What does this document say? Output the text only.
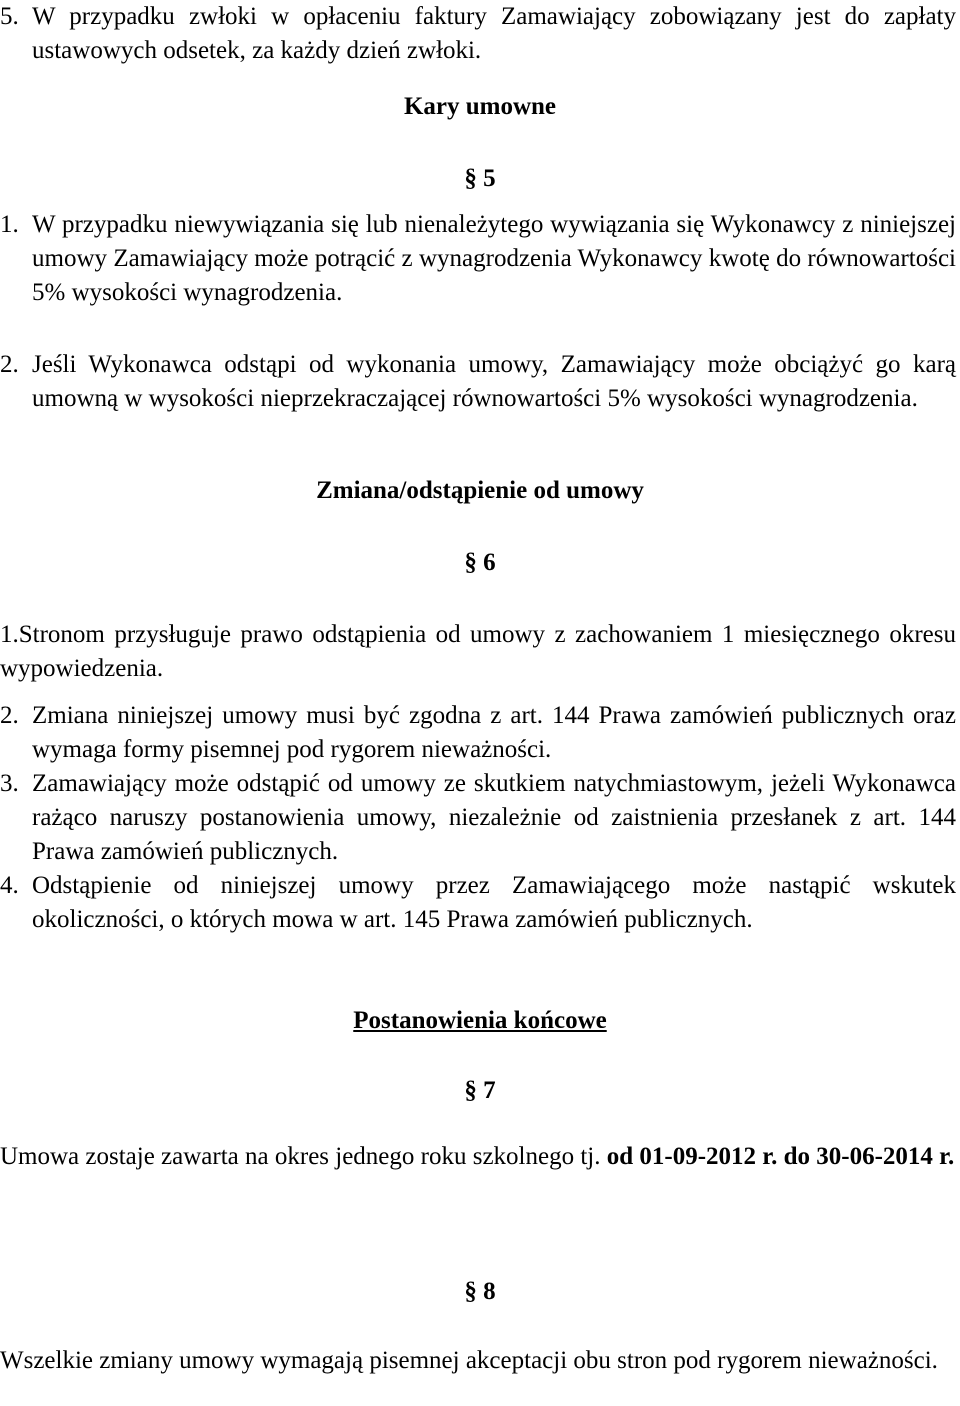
5. W przypadku zwłoki w opłaceniu faktury Zamawiający zobowiązany jest do zapłaty ustawowych odsetek, za każdy dzień zwłoki.
Kary umowne
§ 5
1. W przypadku niewywiązania się lub nienależytego wywiązania się Wykonawcy z niniejszej umowy Zamawiający może potrącić z wynagrodzenia Wykonawcy kwotę do równowartości 5% wysokości wynagrodzenia.
2. Jeśli Wykonawca odstąpi od wykonania umowy, Zamawiający może obciążyć go karą umowną w wysokości nieprzekraczającej równowartości 5% wysokości wynagrodzenia.
Zmiana/odstąpienie od umowy
§ 6
1.Stronom przysługuje prawo odstąpienia od umowy z zachowaniem 1 miesięcznego okresu wypowiedzenia.
2. Zmiana niniejszej umowy musi być zgodna z art. 144 Prawa zamówień publicznych oraz wymaga formy pisemnej pod rygorem nieważności.
3. Zamawiający może odstąpić od umowy ze skutkiem natychmiastowym, jeżeli Wykonawca rażąco naruszy postanowienia umowy, niezależnie od zaistnienia przesłanek z art. 144 Prawa zamówień publicznych.
4. Odstąpienie od niniejszej umowy przez Zamawiającego może nastąpić wskutek okoliczności, o których mowa w art. 145 Prawa zamówień publicznych.
Postanowienia końcowe
§ 7
Umowa zostaje zawarta na okres jednego roku szkolnego tj. od 01-09-2012 r. do 30-06-2014 r.
§ 8
Wszelkie zmiany umowy wymagają pisemnej akceptacji obu stron pod rygorem nieważności.
